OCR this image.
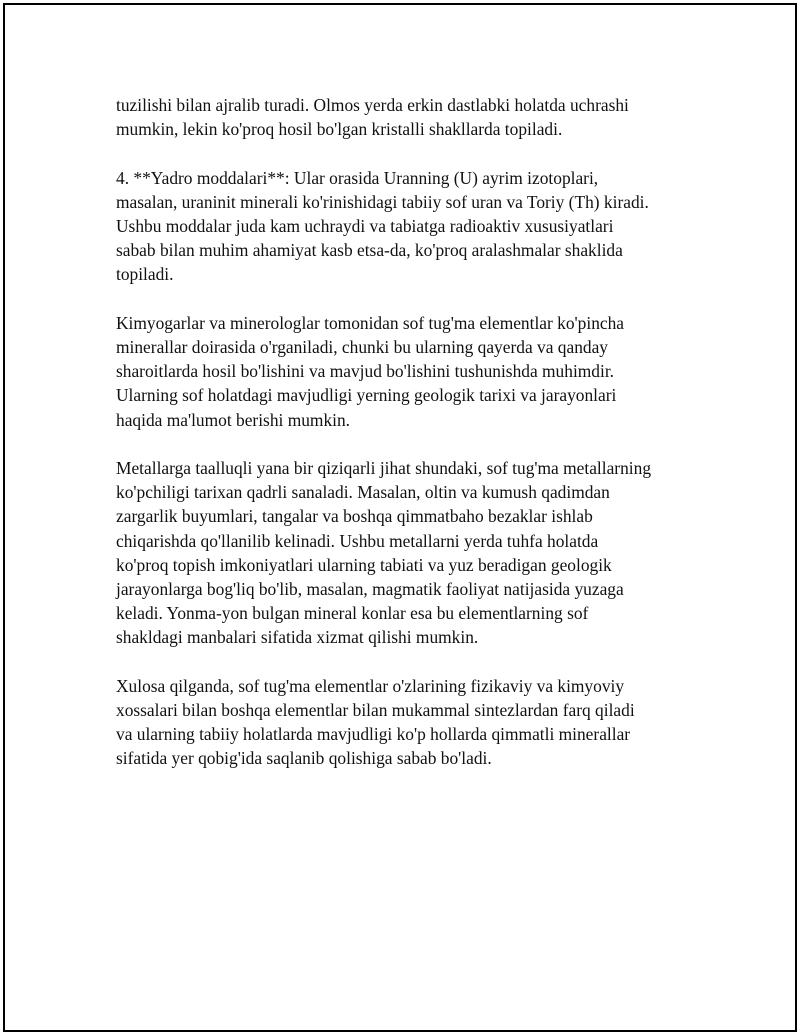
tuzilishi bilan ajralib turadi. Olmos yerda erkin dastlabki holatda uchrashi
mumkin, lekin ko'proq hosil bo'lgan kristalli shakllarda topiladi.

4. **Yadro moddalari**: Ular orasida Uranning (U) ayrim izotoplari,
masalan, uraninit minerali ko'rinishidagi tabiiy sof uran va Toriy (Th) kiradi.
Ushbu moddalar juda kam uchraydi va tabiatga radioaktiv xususiyatlari
sabab bilan muhim ahamiyat kasb etsa-da, ko'proq aralashmalar shaklida
topiladi.

Kimyogarlar va minerologlar tomonidan sof tug'ma elementlar ko'pincha
minerallar doirasida o'rganiladi, chunki bu ularning qayerda va qanday
sharoitlarda hosil bo'lishini va mavjud bo'lishini tushunishda muhimdir.
Ularning sof holatdagi mavjudligi yerning geologik tarixi va jarayonlari
haqida ma'lumot berishi mumkin.

Metallarga taalluqli yana bir qiziqarli jihat shundaki, sof tug'ma metallarning
ko'pchiligi tarixan qadrli sanaladi. Masalan, oltin va kumush qadimdan
zargarlik buyumlari, tangalar va boshqa qimmatbaho bezaklar ishlab
chiqarishda qo'llanilib kelinadi. Ushbu metallarni yerda tuhfa holatda
ko'proq topish imkoniyatlari ularning tabiati va yuz beradigan geologik
jarayonlarga bog'liq bo'lib, masalan, magmatik faoliyat natijasida yuzaga
keladi. Yonma-yon bulgan mineral konlar esa bu elementlarning sof
shakldagi manbalari sifatida xizmat qilishi mumkin.

Xulosa qilganda, sof tug'ma elementlar o'zlarining fizikaviy va kimyoviy
xossalari bilan boshqa elementlar bilan mukammal sintezlardan farq qiladi
va ularning tabiiy holatlarda mavjudligi ko'p hollarda qimmatli minerallar
sifatida yer qobig'ida saqlanib qolishiga sabab bo'ladi.
